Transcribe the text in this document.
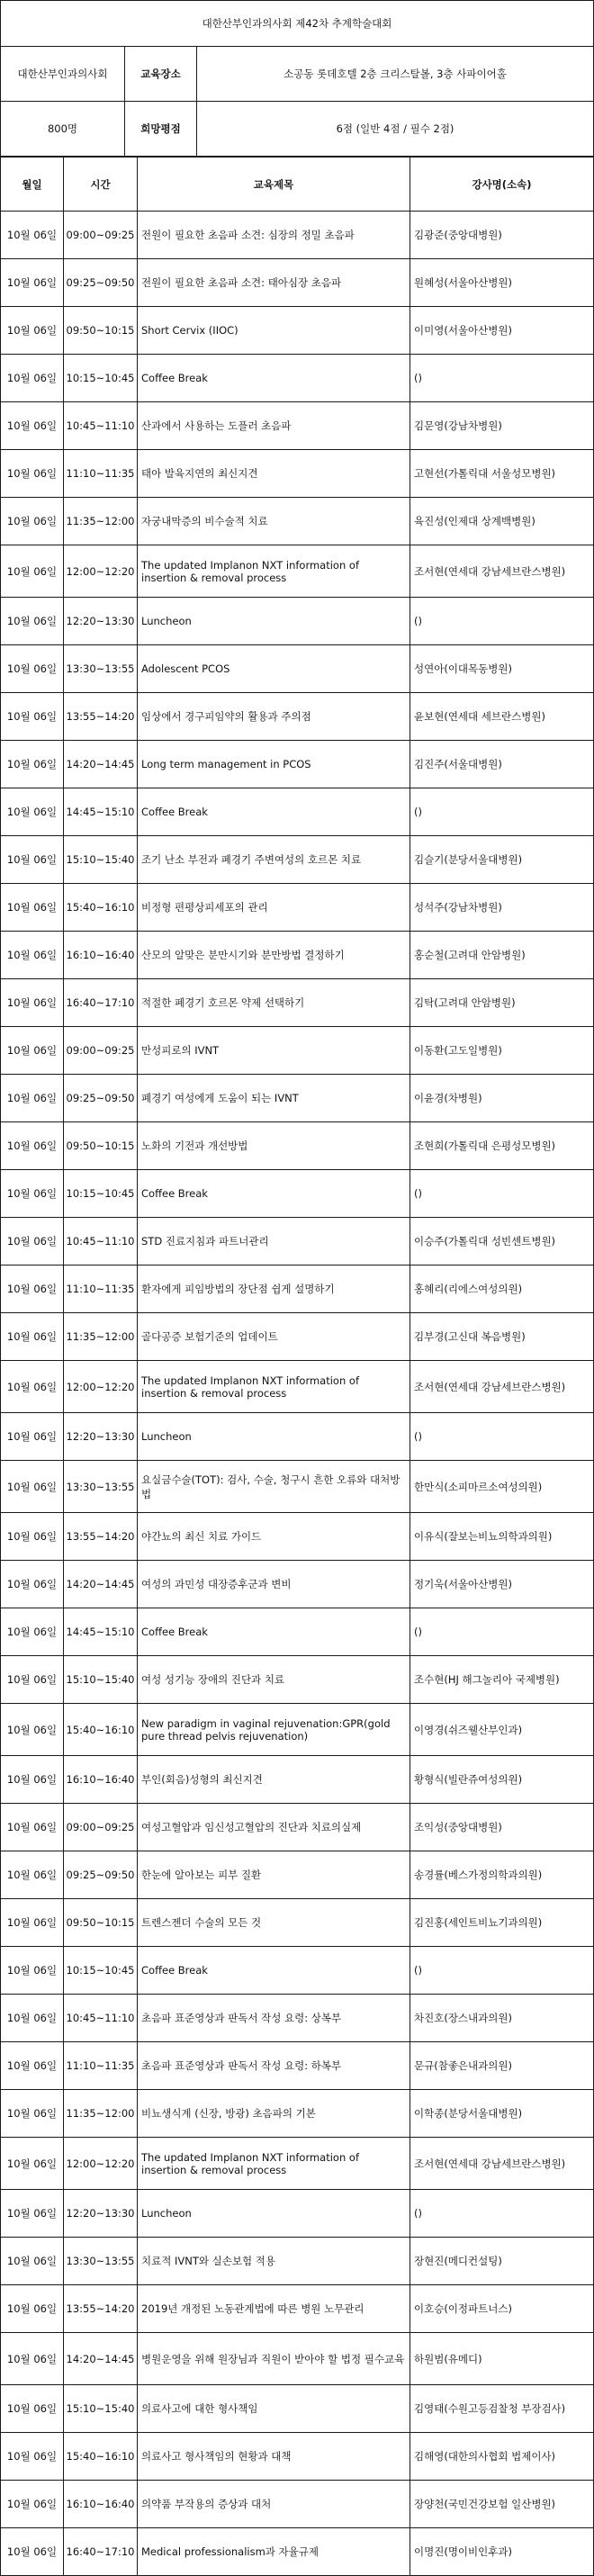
대한산부인과의사회 제42차 추계학술대회		
대한산부인과의사회	교육장소	소공동 롯데호텔 2층 크리스탈볼, 3층 사파이어홀
800명	희망평점	6점 (일반 4점 / 필수 2점)
월일	시간	교육제목	강사명(소속)
10월 06일	09:00~09:25	전원이 필요한 초음파 소견: 심장의 정밀 초음파	김광준(중앙대병원)
10월 06일	09:25~09:50	전원이 필요한 초음파 소견: 태아심장 초음파	원혜성(서울아산병원)
10월 06일	09:50~10:15	Short Cervix (IIOC)	이미영(서울아산병원)
10월 06일	10:15~10:45	Coffee Break	()
10월 06일	10:45~11:10	산과에서 사용하는 도플러 초음파	김문영(강남차병원)
10월 06일	11:10~11:35	태아 발육지연의 최신지견	고현선(가톨릭대 서울성모병원)
10월 06일	11:35~12:00	자궁내막증의 비수술적 치료	육진성(인제대 상계백병원)
10월 06일	12:00~12:20	The updated Implanon NXT information of insertion & removal process	조서현(연세대 강남세브란스병원)
10월 06일	12:20~13:30	Luncheon	()
10월 06일	13:30~13:55	Adolescent PCOS	성연아(이대목동병원)
10월 06일	13:55~14:20	임상에서 경구피임약의 활용과 주의점	윤보현(연세대 세브란스병원)
10월 06일	14:20~14:45	Long term management in PCOS	김진주(서울대병원)
10월 06일	14:45~15:10	Coffee Break	()
10월 06일	15:10~15:40	조기 난소 부전과 폐경기 주변여성의 호르몬 치료	김슬기(분당서울대병원)
10월 06일	15:40~16:10	비정형 편평상피세포의 관리	성석주(강남차병원)
10월 06일	16:10~16:40	산모의 알맞은 분만시기와 분만방법 결정하기	홍순철(고려대 안암병원)
10월 06일	16:40~17:10	적절한 폐경기 호르몬 약제 선택하기	김탁(고려대 안암병원)
10월 06일	09:00~09:25	만성피로의 IVNT	이동환(고도일병원)
10월 06일	09:25~09:50	폐경기 여성에게 도움이 되는 IVNT	이윤경(차병원)
10월 06일	09:50~10:15	노화의 기전과 개선방법	조현희(가톨릭대 은평성모병원)
10월 06일	10:15~10:45	Coffee Break	()
10월 06일	10:45~11:10	STD 진료지침과 파트너관리	이승주(가톨릭대 성빈센트병원)
10월 06일	11:10~11:35	환자에게 피임방법의 장단점 쉽게 설명하기	홍혜리(리에스여성의원)
10월 06일	11:35~12:00	골다공증 보험기준의 업데이트	김부경(고신대 복음병원)
10월 06일	12:00~12:20	The updated Implanon NXT information of insertion & removal process	조서현(연세대 강남세브란스병원)
10월 06일	12:20~13:30	Luncheon	()
10월 06일	13:30~13:55	요실금수술(TOT): 검사, 수술, 청구시 흔한 오류와 대처방법	한만식(소피마르소여성의원)
10월 06일	13:55~14:20	야간뇨의 최신 치료 가이드	이유식(잘보는비뇨의학과의원)
10월 06일	14:20~14:45	여성의 과민성 대장증후군과 변비	정기욱(서울아산병원)
10월 06일	14:45~15:10	Coffee Break	()
10월 06일	15:10~15:40	여성 성기능 장애의 진단과 치료	조수현(HJ 해그놀리아 국제병원)
10월 06일	15:40~16:10	New paradigm in vaginal rejuvenation:GPR(gold pure thread pelvis rejuvenation)	이영경(쉬즈웰산부인과)
10월 06일	16:10~16:40	부인(회음)성형의 최신지견	황형식(빌란쥬여성의원)
10월 06일	09:00~09:25	여성고혈압과 임신성고혈압의 진단과 치료의실제	조익성(중앙대병원)
10월 06일	09:25~09:50	한눈에 알아보는 피부 질환	송경률(베스가정의학과의원)
10월 06일	09:50~10:15	트렌스젠더 수술의 모든 것	김진홍(세인트비뇨기과의원)
10월 06일	10:15~10:45	Coffee Break	()
10월 06일	10:45~11:10	초음파 표준영상과 판독서 작성 요령: 상복부	차진호(장스내과의원)
10월 06일	11:10~11:35	초음파 표준영상과 판독서 작성 요령: 하복부	문규(참좋은내과의원)
10월 06일	11:35~12:00	비뇨생식계 (신장, 방광) 초음파의 기본	이학종(분당서울대병원)
10월 06일	12:00~12:20	The updated Implanon NXT information of insertion & removal process	조서현(연세대 강남세브란스병원)
10월 06일	12:20~13:30	Luncheon	()
10월 06일	13:30~13:55	치료적 IVNT와 실손보험 적용	장현진(메디컨설팅)
10월 06일	13:55~14:20	2019년 개정된 노동관계법에 따른 병원 노무관리	이호승(이정파트너스)
10월 06일	14:20~14:45	병원운영을 위해 원장님과 직원이 받아야 할 법정 필수교육	하원범(유메디)
10월 06일	15:10~15:40	의료사고에 대한 형사책임	김영태(수원고등검찰청 부장검사)
10월 06일	15:40~16:10	의료사고 형사책임의 현황과 대책	김해영(대한의사협회 법제이사)
10월 06일	16:10~16:40	의약품 부작용의 증상과 대처	장양천(국민건강보험 일산병원)
10월 06일	16:40~17:10	Medical professionalism과 자율규제	이명진(명이비인후과)
